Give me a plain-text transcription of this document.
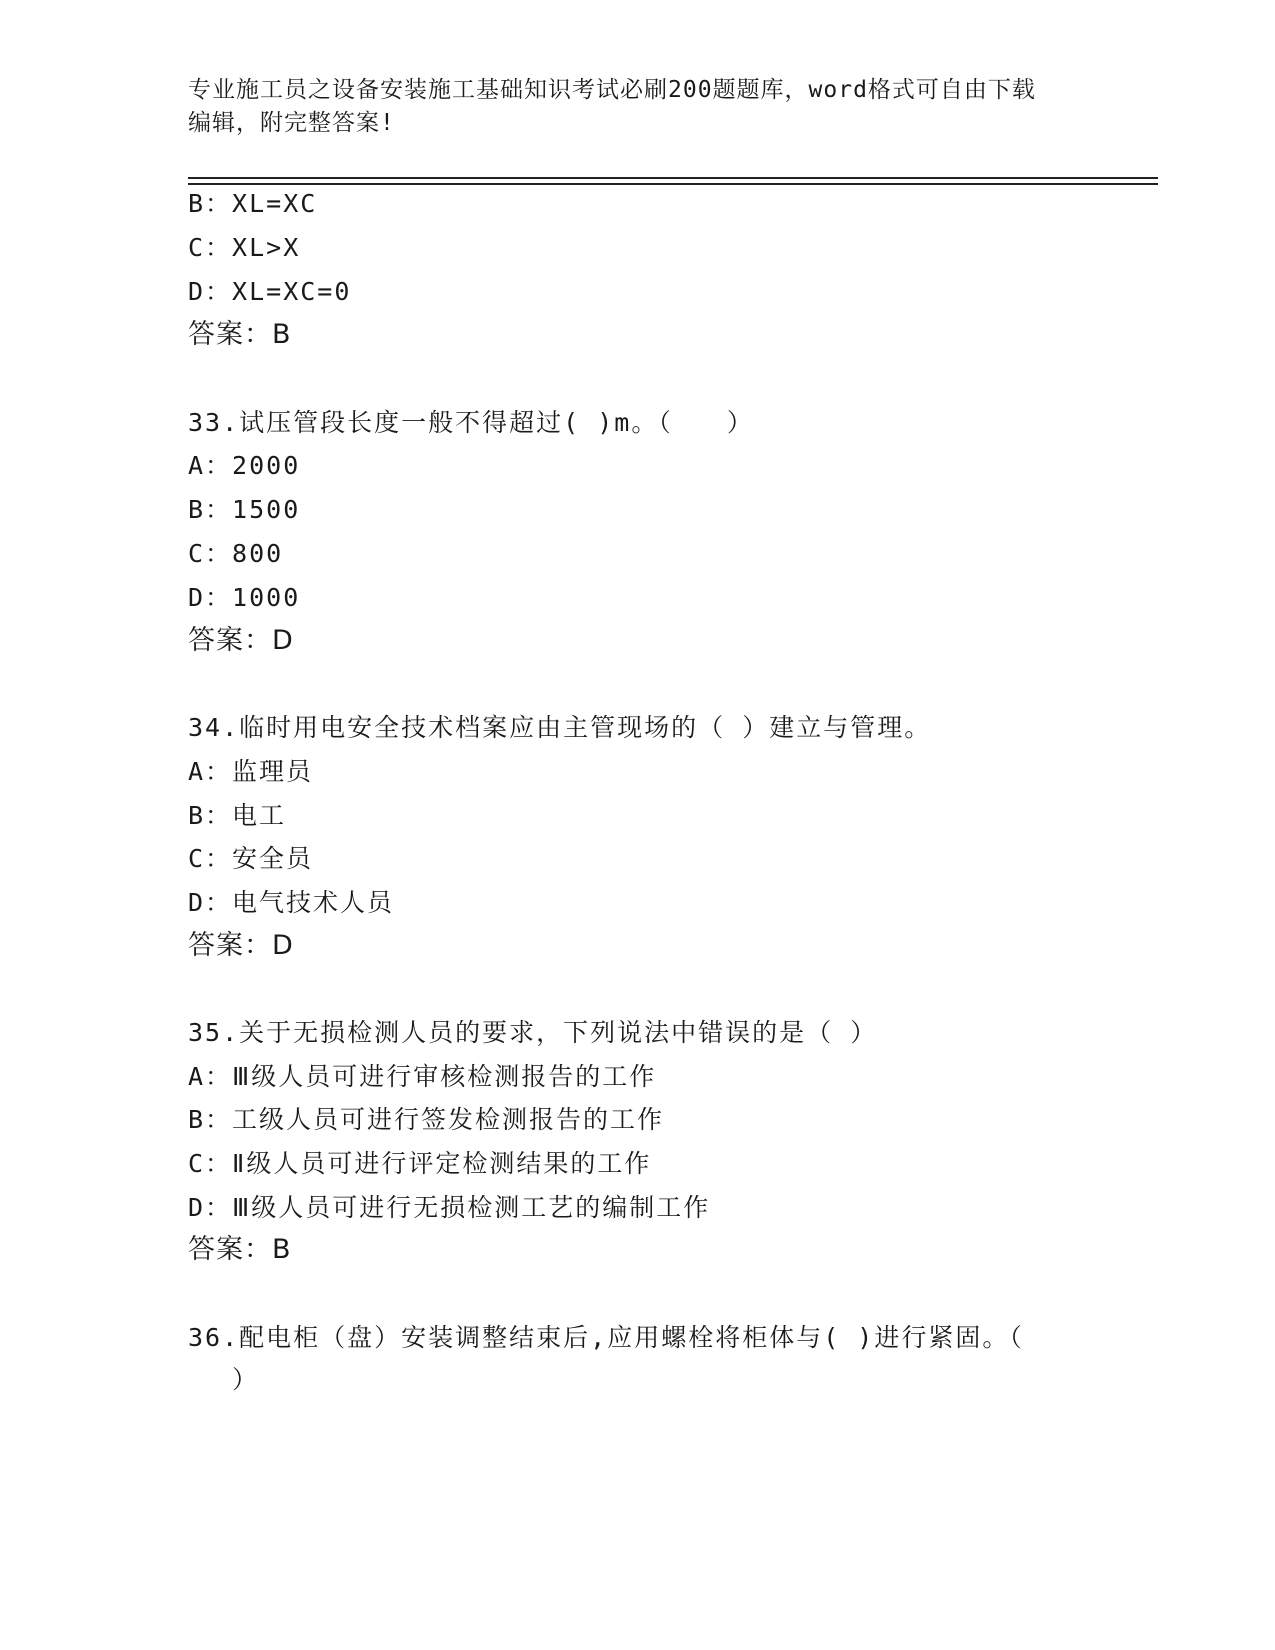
专业施工员之设备安装施工基础知识考试必刷200题题库，word格式可自由下载
编辑，附完整答案!
B：XL=XC
C：XL>X
D：XL=XC=0
答案：B
33.试压管段长度一般不得超过( )m。（　　）
A：2000
B：1500
C：800
D：1000
答案：D
34.临时用电安全技术档案应由主管现场的（ ）建立与管理。
A：监理员
B：电工
C：安全员
D：电气技术人员
答案：D
35.关于无损检测人员的要求，下列说法中错误的是（ ）
A：Ⅲ级人员可进行审核检测报告的工作
B：工级人员可进行签发检测报告的工作
C：Ⅱ级人员可进行评定检测结果的工作
D：Ⅲ级人员可进行无损检测工艺的编制工作
答案：B
36.配电柜（盘）安装调整结束后,应用螺栓将柜体与( )进行紧固。（
）
